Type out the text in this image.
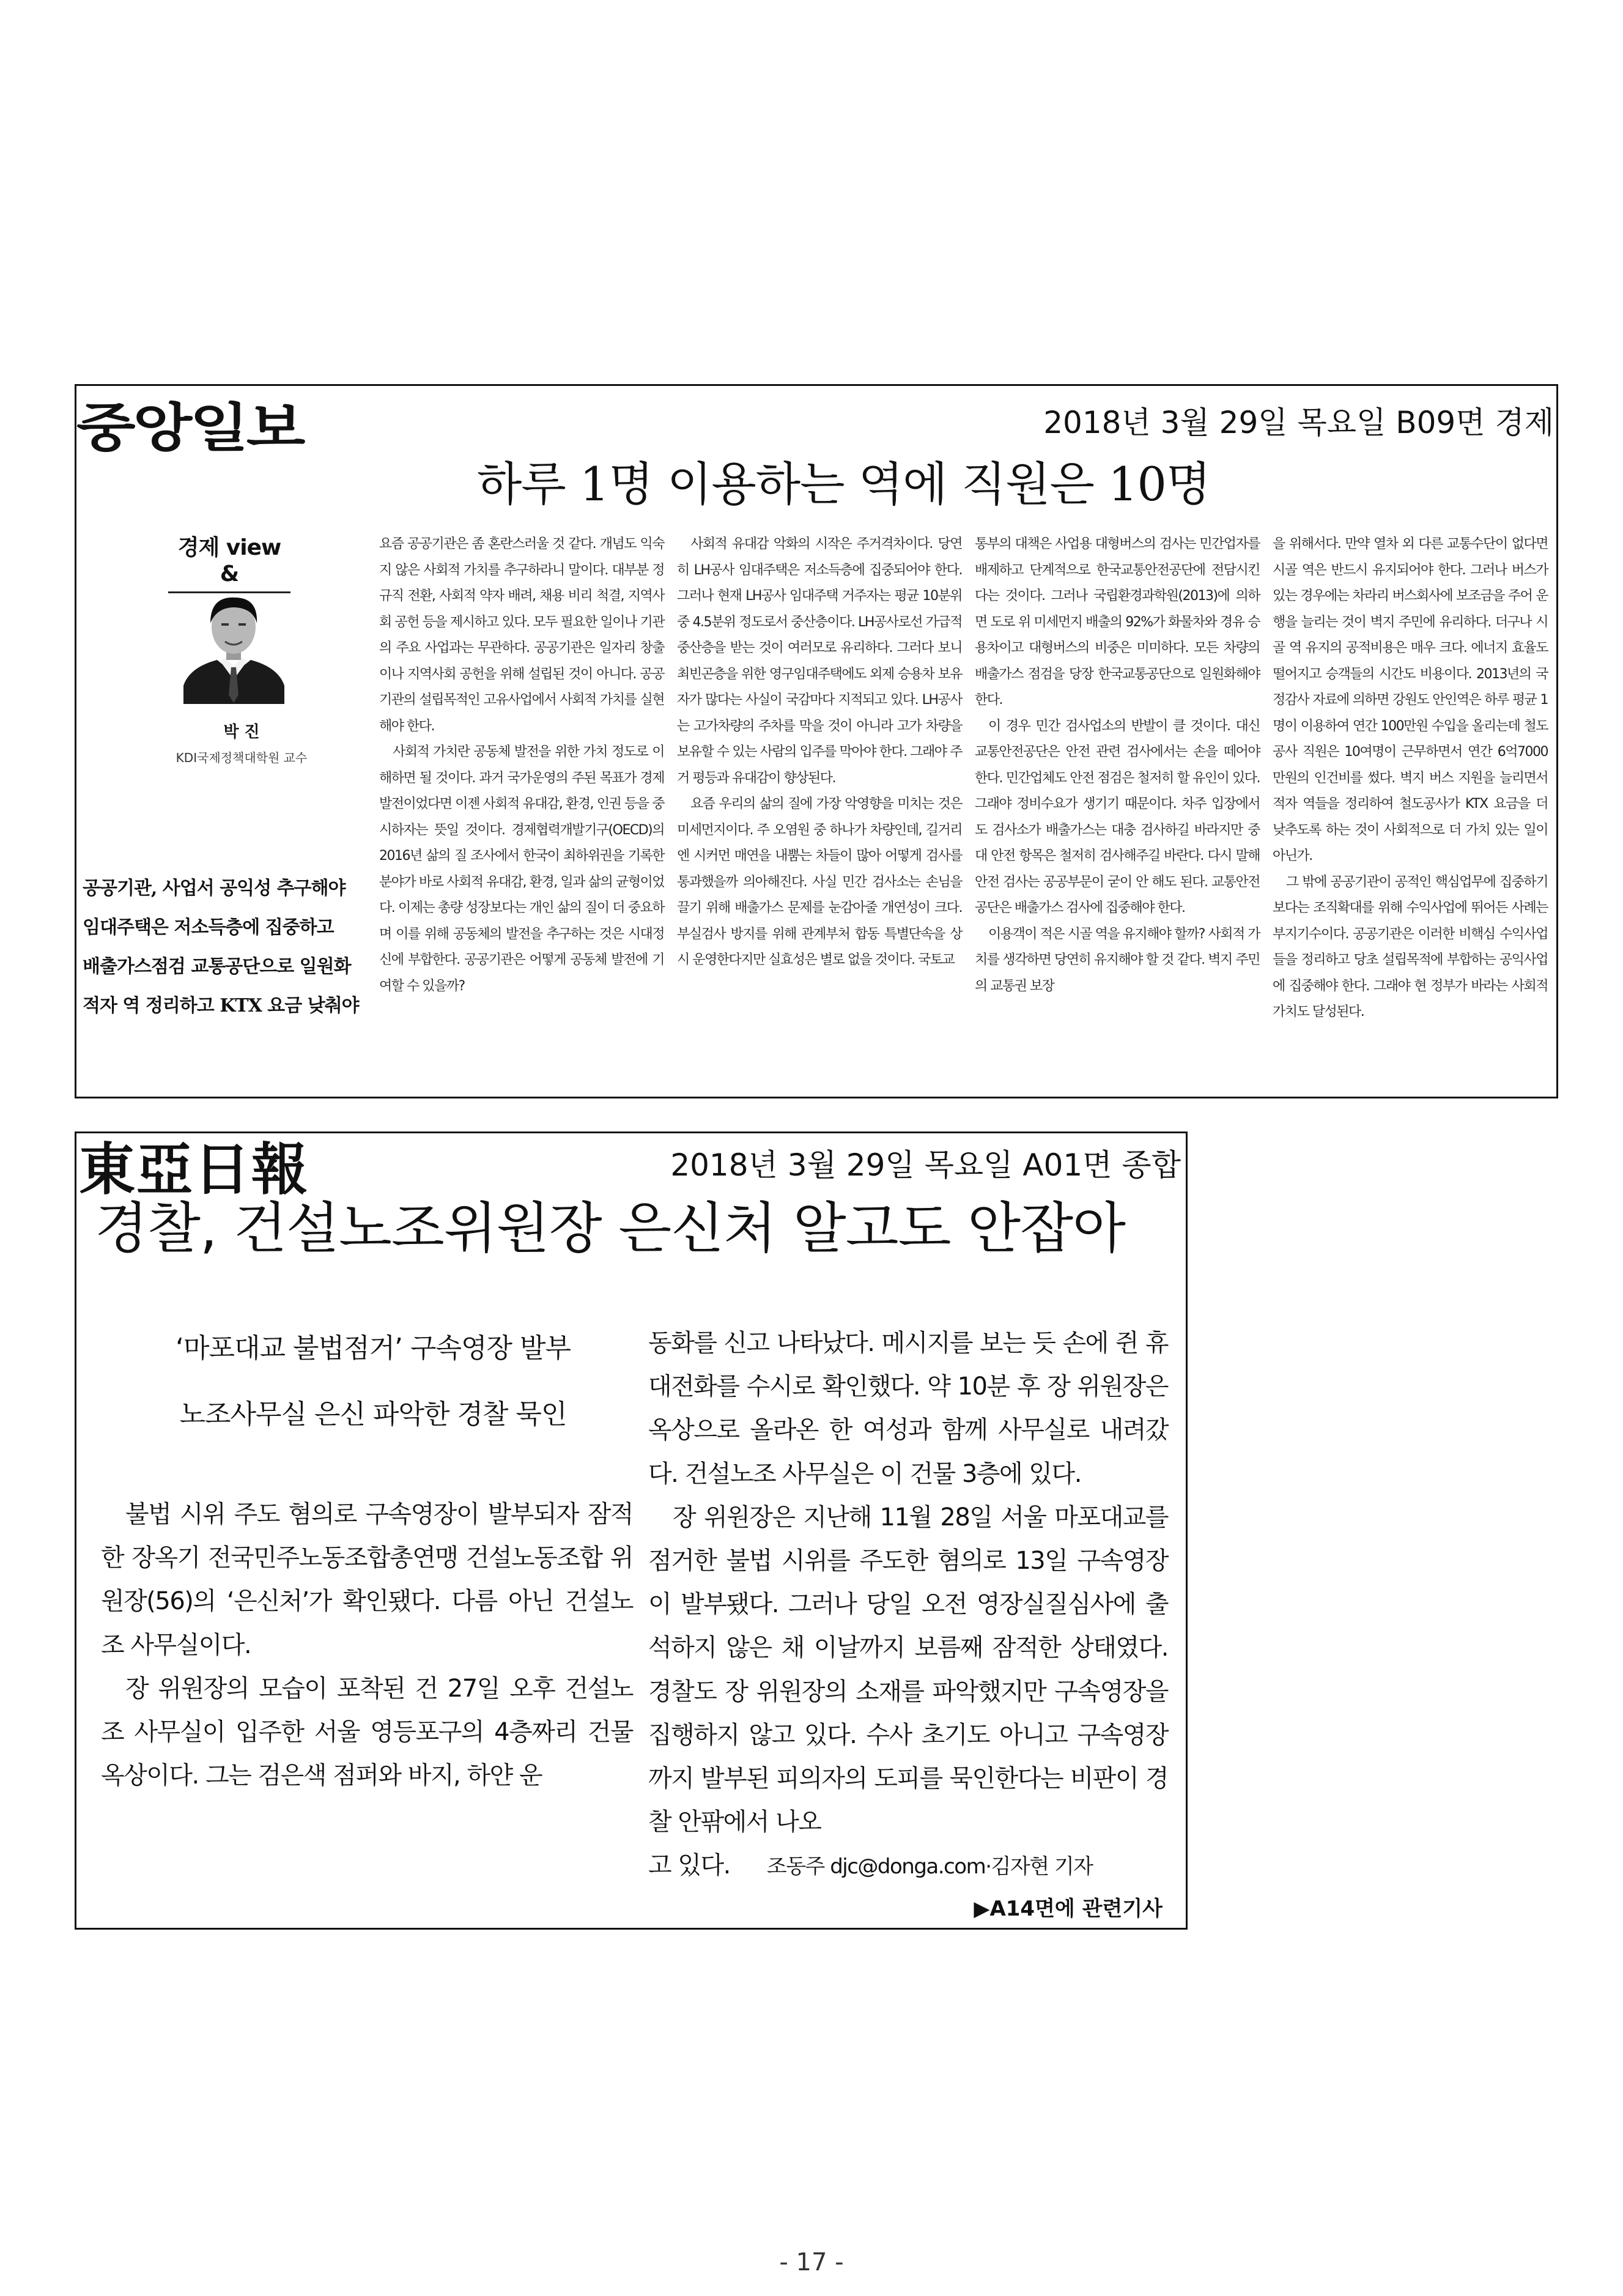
중앙일보	2018년 3월 29일 목요일 B09면 경제
하루 1명 이용하는 역에 직원은 10명
경제 view &
박 진
KDI국제정책대학원 교수
공공기관, 사업서 공익성 추구해야
임대주택은 저소득층에 집중하고
배출가스점검 교통공단으로 일원화
적자 역 정리하고 KTX 요금 낮춰야

요즘 공공기관은 좀 혼란스러울 것 같다. 개념도 익숙지 않은 사회적 가치를 추구하라니 말이다. 대부분 정규직 전환, 사회적 약자 배려, 채용 비리 척결, 지역사회 공헌 등을 제시하고 있다. 모두 필요한 일이나 기관의 주요 사업과는 무관하다. 공공기관은 일자리 창출이나 지역사회 공헌을 위해 설립된 것이 아니다. 공공기관의 설립목적인 고유사업에서 사회적 가치를 실현해야 한다.

사회적 가치란 공동체 발전을 위한 가치 정도로 이해하면 될 것이다. 과거 국가운영의 주된 목표가 경제발전이었다면 이젠 사회적 유대감, 환경, 인권 등을 중시하자는 뜻일 것이다. 경제협력개발기구(OECD)의 2016년 삶의 질 조사에서 한국이 최하위권을 기록한 분야가 바로 사회적 유대감, 환경, 일과 삶의 균형이었다. 이제는 총량 성장보다는 개인 삶의 질이 더 중요하며 이를 위해 공동체의 발전을 추구하는 것은 시대정신에 부합한다. 공공기관은 어떻게 공동체 발전에 기여할 수 있을까?

사회적 유대감 악화의 시작은 주거격차이다. 당연히 LH공사 임대주택은 저소득층에 집중되어야 한다. 그러나 현재 LH공사 임대주택 거주자는 평균 10분위 중 4.5분위 정도로서 중산층이다. LH공사로선 가급적 중산층을 받는 것이 여러모로 유리하다. 그러다 보니 최빈곤층을 위한 영구임대주택에도 외제 승용차 보유자가 많다는 사실이 국감마다 지적되고 있다. LH공사는 고가차량의 주차를 막을 것이 아니라 고가 차량을 보유할 수 있는 사람의 입주를 막아야 한다. 그래야 주거 평등과 유대감이 향상된다.

요즘 우리의 삶의 질에 가장 악영향을 미치는 것은 미세먼지이다. 주 오염원 중 하나가 차량인데, 길거리엔 시커먼 매연을 내뿜는 차들이 많아 어떻게 검사를 통과했을까 의아해진다. 사실 민간 검사소는 손님을 끌기 위해 배출가스 문제를 눈감아줄 개연성이 크다. 부실검사 방지를 위해 관계부처 합동 특별단속을 상시 운영한다지만 실효성은 별로 없을 것이다. 국토교

통부의 대책은 사업용 대형버스의 검사는 민간업자를 배제하고 단계적으로 한국교통안전공단에 전담시킨다는 것이다. 그러나 국립환경과학원(2013)에 의하면 도로 위 미세먼지 배출의 92%가 화물차와 경유 승용차이고 대형버스의 비중은 미미하다. 모든 차량의 배출가스 점검을 당장 한국교통공단으로 일원화해야 한다.

이 경우 민간 검사업소의 반발이 클 것이다. 대신 교통안전공단은 안전 관련 검사에서는 손을 떼어야 한다. 민간업체도 안전 점검은 철저히 할 유인이 있다. 그래야 정비수요가 생기기 때문이다. 차주 입장에서도 검사소가 배출가스는 대충 검사하길 바라지만 중대 안전 항목은 철저히 검사해주길 바란다. 다시 말해 안전 검사는 공공부문이 굳이 안 해도 된다. 교통안전공단은 배출가스 검사에 집중해야 한다.

이용객이 적은 시골 역을 유지해야 할까? 사회적 가치를 생각하면 당연히 유지해야 할 것 같다. 벽지 주민의 교통권 보장

을 위해서다. 만약 열차 외 다른 교통수단이 없다면 시골 역은 반드시 유지되어야 한다. 그러나 버스가 있는 경우에는 차라리 버스회사에 보조금을 주어 운행을 늘리는 것이 벽지 주민에 유리하다. 더구나 시골 역 유지의 공적비용은 매우 크다. 에너지 효율도 떨어지고 승객들의 시간도 비용이다. 2013년의 국정감사 자료에 의하면 강원도 안인역은 하루 평균 1명이 이용하여 연간 100만원 수입을 올리는데 철도공사 직원은 10여명이 근무하면서 연간 6억7000만원의 인건비를 썼다. 벽지 버스 지원을 늘리면서 적자 역들을 정리하여 철도공사가 KTX 요금을 더 낮추도록 하는 것이 사회적으로 더 가치 있는 일이 아닌가.

그 밖에 공공기관이 공적인 핵심업무에 집중하기보다는 조직확대를 위해 수익사업에 뛰어든 사례는 부지기수이다. 공공기관은 이러한 비핵심 수익사업들을 정리하고 당초 설립목적에 부합하는 공익사업에 집중해야 한다. 그래야 현 정부가 바라는 사회적 가치도 달성된다.

東亞日報	2018년 3월 29일 목요일 A01면 종합
경찰, 건설노조위원장 은신처 알고도 안잡아
‘마포대교 불법점거’ 구속영장 발부
노조사무실 은신 파악한 경찰 묵인

불법 시위 주도 혐의로 구속영장이 발부되자 잠적한 장옥기 전국민주노동조합총연맹 건설노동조합 위원장(56)의 ‘은신처’가 확인됐다. 다름 아닌 건설노조 사무실이다.

장 위원장의 모습이 포착된 건 27일 오후 건설노조 사무실이 입주한 서울 영등포구의 4층짜리 건물 옥상이다. 그는 검은색 점퍼와 바지, 하얀 운

동화를 신고 나타났다. 메시지를 보는 듯 손에 쥔 휴대전화를 수시로 확인했다. 약 10분 후 장 위원장은 옥상으로 올라온 한 여성과 함께 사무실로 내려갔다. 건설노조 사무실은 이 건물 3층에 있다.

장 위원장은 지난해 11월 28일 서울 마포대교를 점거한 불법 시위를 주도한 혐의로 13일 구속영장이 발부됐다. 그러나 당일 오전 영장실질심사에 출석하지 않은 채 이날까지 보름째 잠적한 상태였다. 경찰도 장 위원장의 소재를 파악했지만 구속영장을 집행하지 않고 있다. 수사 초기도 아니고 구속영장까지 발부된 피의자의 도피를 묵인한다는 비판이 경찰 안팎에서 나오

고 있다. 조동주 djc@donga.com·김자현 기자

▶A14면에 관련기사
- 17 -
